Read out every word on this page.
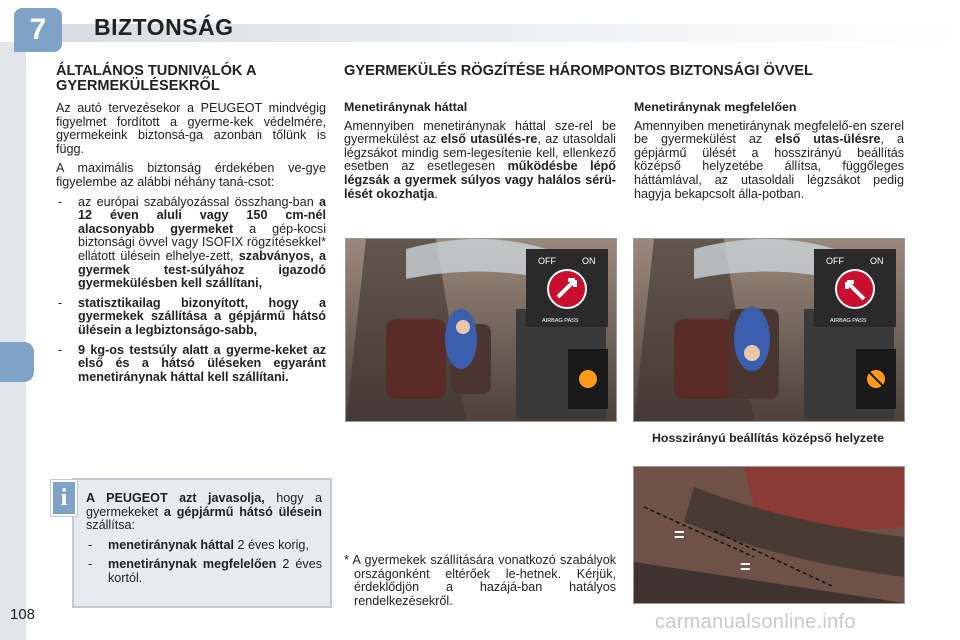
7	BIZTONSÁG
ÁLTALÁNOS TUDNIVALÓK A GYERMEKÜLÉSEKRŐL

Az autó tervezésekor a PEUGEOT mindvégig figyelmet fordított a gyerme-kek védelmére, gyermekeink biztonsá-ga azonban tőlünk is függ.

A maximális biztonság érdekében ve-gye figyelembe az alábbi néhány taná-csot:

- az európai szabályozással összhang-ban a 12 éven aluli vagy 150 cm-nél alacsonyabb gyermeket a gép-kocsi biztonsági övvel vagy ISOFIX rögzítésekkel* ellátott ülésein elhelye-zett, szabványos, a gyermek test-súlyához igazodó gyermekülésben kell szállítani,
- statisztikailag bizonyított, hogy a gyermekek szállítása a gépjármű hátsó ülésein a legbiztonságo-sabb,
- 9 kg-os testsúly alatt a gyerme-keket az első és a hátsó üléseken egyaránt menetiránynak háttal kell szállítani.

A PEUGEOT azt javasolja, hogy a gyermekeket a gépjármű hátsó ülésein szállítsa:

- menetiránynak háttal 2 éves korig,
- menetiránynak megfelelően 2 éves kortól.
i
GYERMEKÜLÉS RÖGZÍTÉSE HÁROMPONTOS BIZTONSÁGI ÖVVEL
Menetiránynak háttal

Amennyiben menetiránynak háttal sze-rel be gyermekülést az első utasülés-re, az utasoldali légzsákot mindig sem-legesítenie kell, ellenkező esetben az esetlegesen működésbe lépő légzsák a gyermek súlyos vagy halálos sérü-lését okozhatja.

Menetiránynak megfelelően

Amennyiben menetiránynak megfelelő-en szerel be gyermekülést az első utas-ülésre, a gépjármű ülését a hosszirányú beállítás középső helyzetébe állítsa, függőleges háttámlával, az utasoldali légzsákot pedig hagyja bekapcsolt álla-potban.

OFF	ON
AIRBAG PASS
OFF	ON
AIRBAG PASS
Hosszirányú beállítás középső helyzete
=
=

* A gyermekek szállítására vonatkozó szabályok országonként eltérőek le-hetnek. Kérjük, érdeklődjön a hazájá-ban hatályos rendelkezésekről.

108	carmanualsonline.info
